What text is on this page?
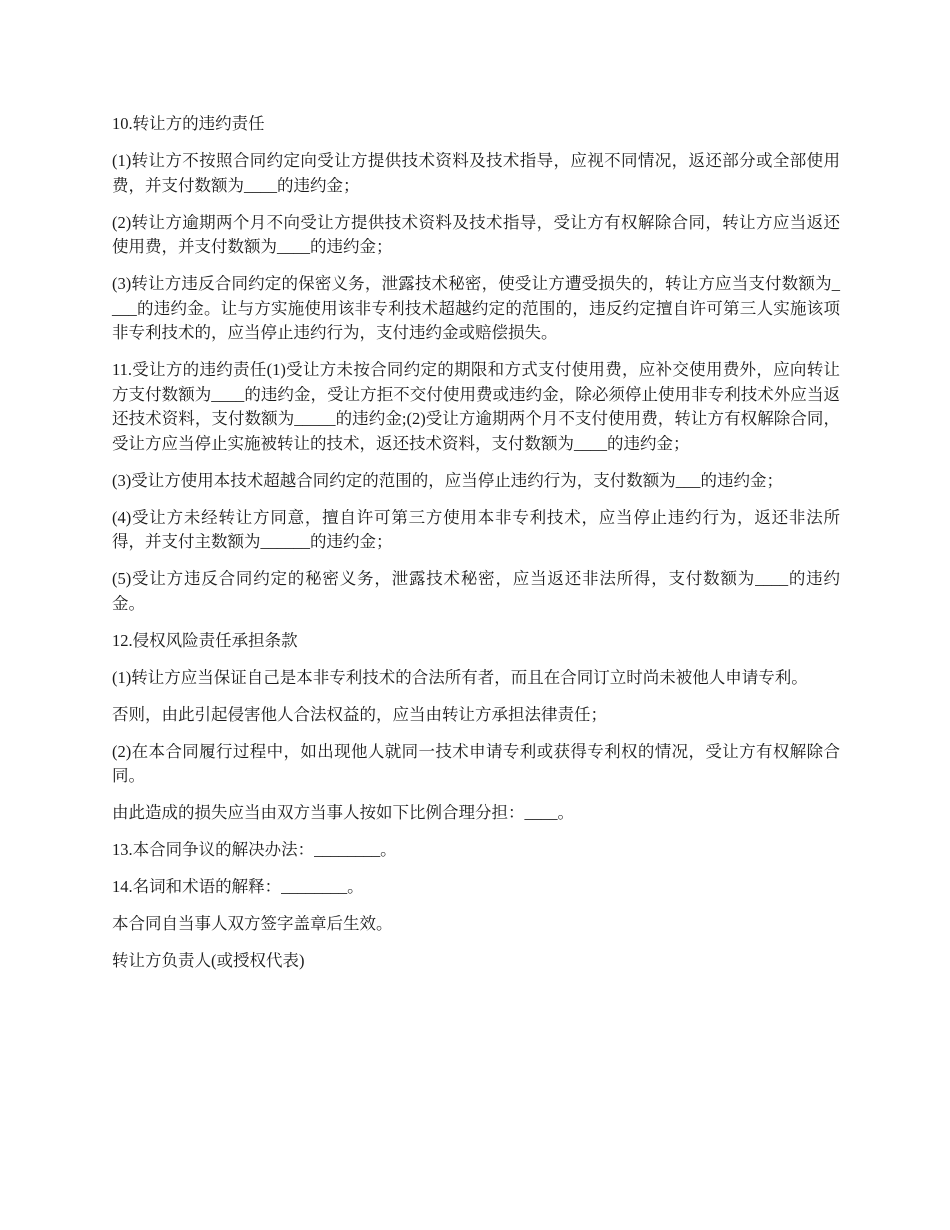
10.转让方的违约责任

(1)转让方不按照合同约定向受让方提供技术资料及技术指导，应视不同情况，返还部分或全部使用费，并支付数额为____的违约金；

(2)转让方逾期两个月不向受让方提供技术资料及技术指导，受让方有权解除合同，转让方应当返还使用费，并支付数额为____的违约金；

(3)转让方违反合同约定的保密义务，泄露技术秘密，使受让方遭受损失的，转让方应当支付数额为____的违约金。让与方实施使用该非专利技术超越约定的范围的，违反约定擅自许可第三人实施该项非专利技术的，应当停止违约行为，支付违约金或赔偿损失。

11.受让方的违约责任(1)受让方未按合同约定的期限和方式支付使用费，应补交使用费外，应向转让方支付数额为____的违约金，受让方拒不交付使用费或违约金，除必须停止使用非专利技术外应当返还技术资料，支付数额为_____的违约金;(2)受让方逾期两个月不支付使用费，转让方有权解除合同，受让方应当停止实施被转让的技术，返还技术资料，支付数额为____的违约金；

(3)受让方使用本技术超越合同约定的范围的，应当停止违约行为，支付数额为___的违约金；

(4)受让方未经转让方同意，擅自许可第三方使用本非专利技术，应当停止违约行为，返还非法所得，并支付主数额为______的违约金；

(5)受让方违反合同约定的秘密义务，泄露技术秘密，应当返还非法所得，支付数额为____的违约金。

12.侵权风险责任承担条款

(1)转让方应当保证自己是本非专利技术的合法所有者，而且在合同订立时尚未被他人申请专利。

否则，由此引起侵害他人合法权益的，应当由转让方承担法律责任；

(2)在本合同履行过程中，如出现他人就同一技术申请专利或获得专利权的情况，受让方有权解除合同。

由此造成的损失应当由双方当事人按如下比例合理分担：____。

13.本合同争议的解决办法：________。

14.名词和术语的解释：________。

本合同自当事人双方签字盖章后生效。

转让方负责人(或授权代表)
